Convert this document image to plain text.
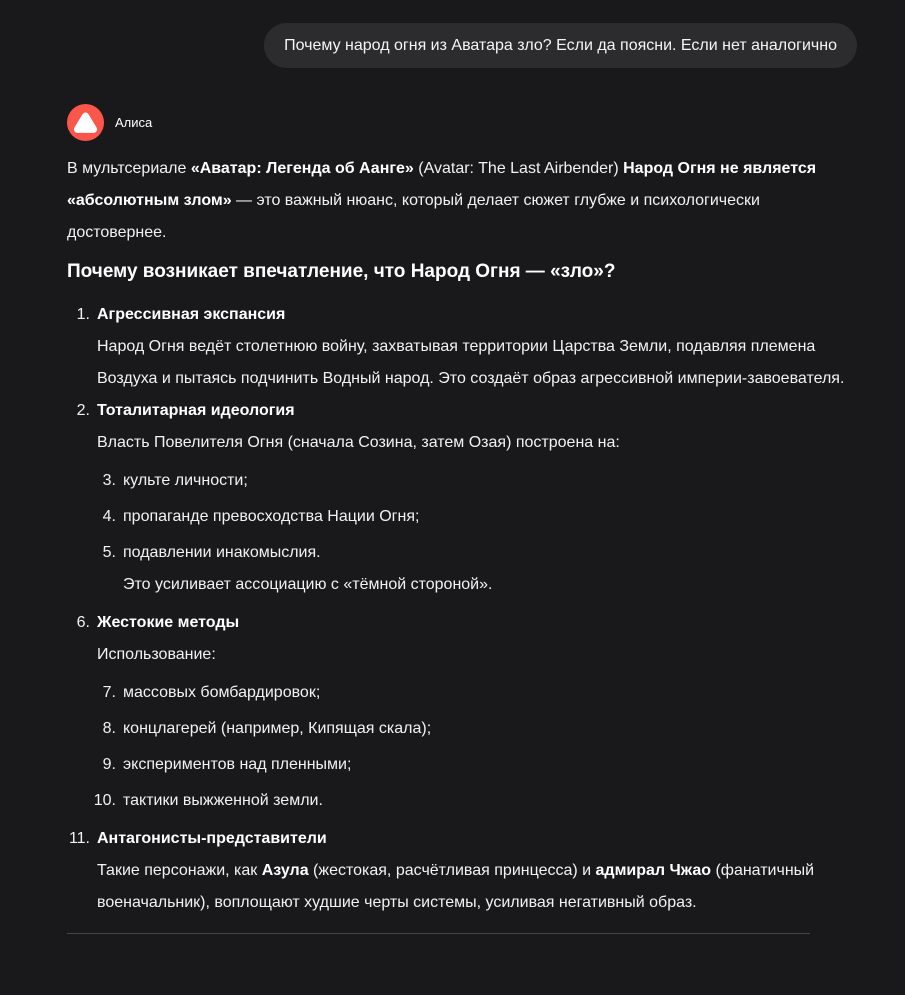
Почему народ огня из Аватара зло? Если да поясни. Если нет аналогично
Алиса

В мультсериале «Аватар: Легенда об Аанге» (Avatar: The Last Airbender) Народ Огня не является «абсолютным злом» — это важный нюанс, который делает сюжет глубже и психологически достовернее.

Почему возникает впечатление, что Народ Огня — «зло»?
1. Агрессивная экспансия
Народ Огня ведёт столетнюю войну, захватывая территории Царства Земли, подавляя племена Воздуха и пытаясь подчинить Водный народ. Это создаёт образ агрессивной империи-завоевателя.
2. Тоталитарная идеология
Власть Повелителя Огня (сначала Созина, затем Озая) построена на:
3. культе личности;
4. пропаганде превосходства Нации Огня;
5. подавлении инакомыслия.
Это усиливает ассоциацию с «тёмной стороной».
6. Жестокие методы
Использование:
7. массовых бомбардировок;
8. концлагерей (например, Кипящая скала);
9. экспериментов над пленными;
10. тактики выжженной земли.
11. Антагонисты-представители
Такие персонажи, как Азула (жестокая, расчётливая принцесса) и адмирал Чжао (фанатичный военачальник), воплощают худшие черты системы, усиливая негативный образ.
